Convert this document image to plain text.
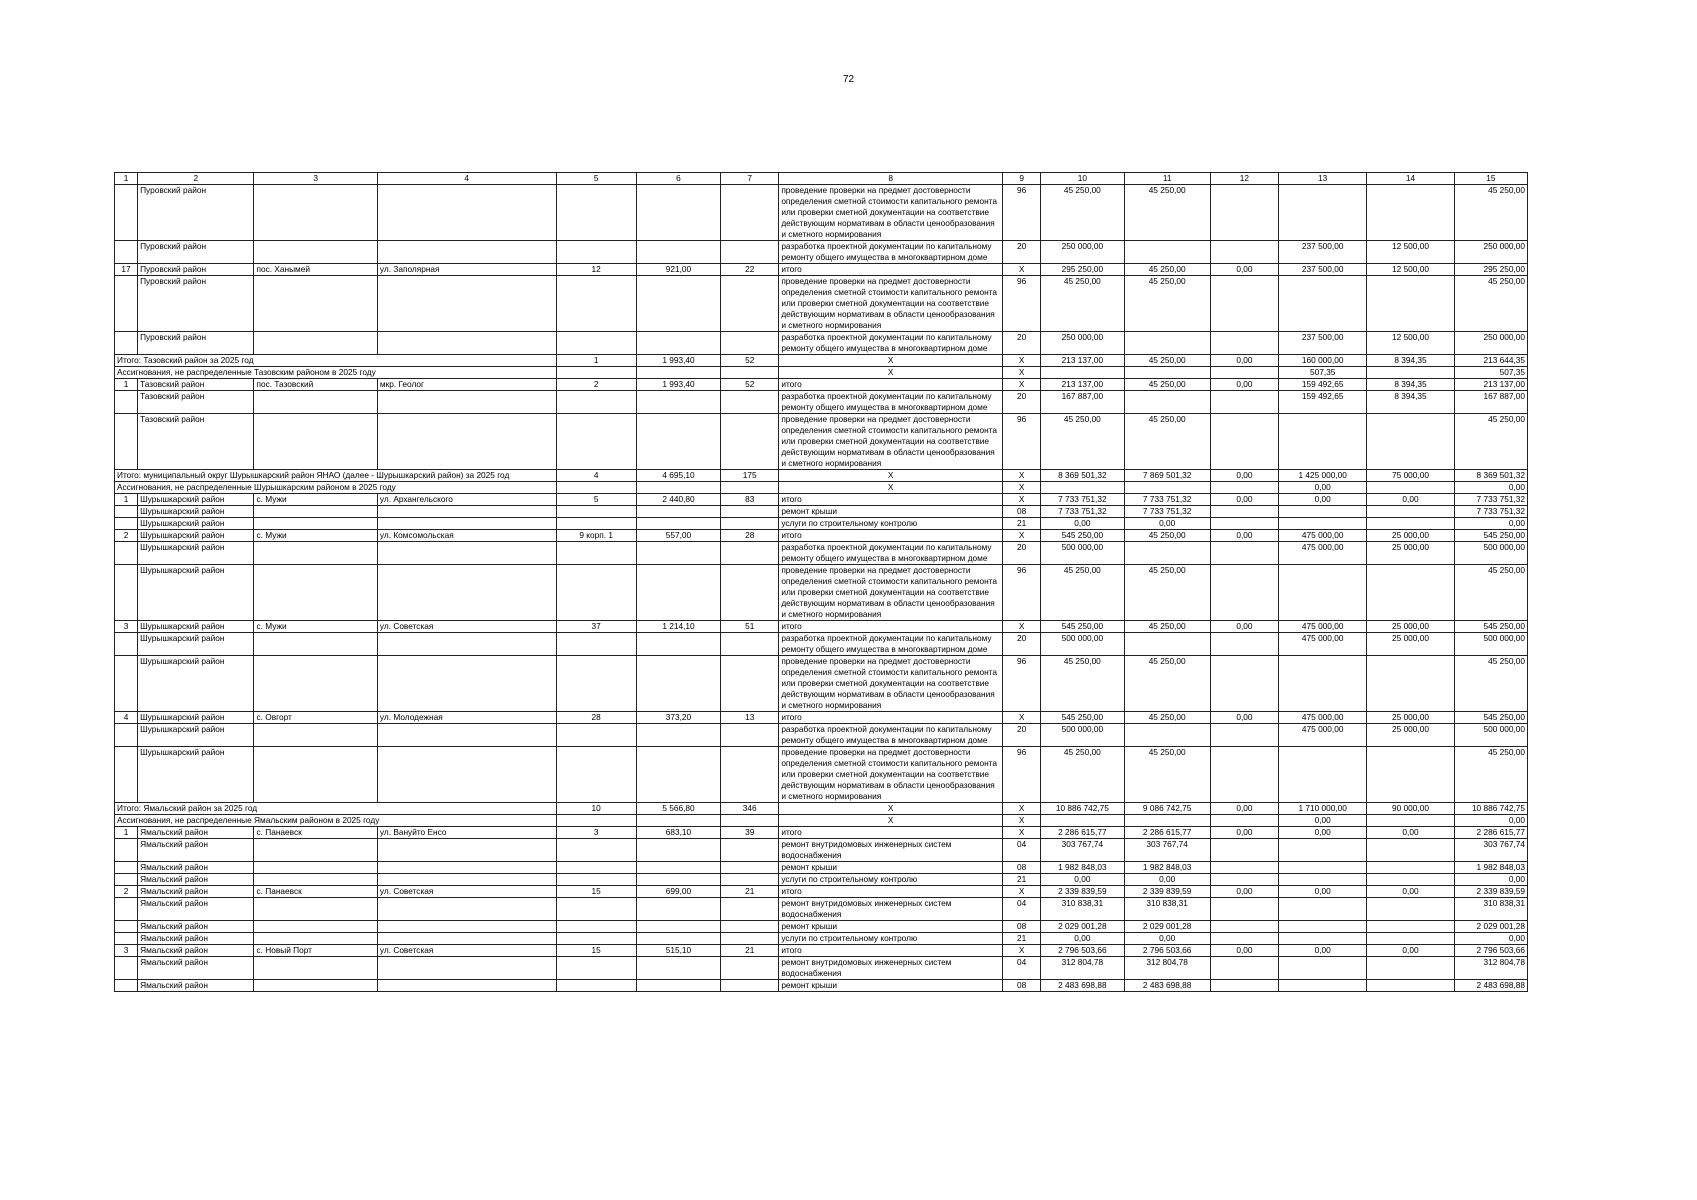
72
1	2	3	4	5	6	7	8	9	10	11	12	13	14	15
	Пуровский район						проведение проверки на предмет достоверности определения сметной стоимости капитального ремонта или проверки сметной документации на соответствие действующим нормативам в области ценообразования и сметного нормирования	96	45 250,00	45 250,00				45 250,00
	Пуровский район						разработка проектной документации по капитальному ремонту общего имущества в многоквартирном доме	20	250 000,00			237 500,00	12 500,00	250 000,00
17	Пуровский район	пос. Ханымей	ул. Заполярная	12	921,00	22	итого	X	295 250,00	45 250,00	0,00	237 500,00	12 500,00	295 250,00
	Пуровский район						проведение проверки на предмет достоверности определения сметной стоимости капитального ремонта или проверки сметной документации на соответствие действующим нормативам в области ценообразования и сметного нормирования	96	45 250,00	45 250,00				45 250,00
	Пуровский район						разработка проектной документации по капитальному ремонту общего имущества в многоквартирном доме	20	250 000,00			237 500,00	12 500,00	250 000,00
Итого: Тазовский район за 2025 год				1	1 993,40	52	X	X	213 137,00	45 250,00	0,00	160 000,00	8 394,35	213 644,35
Ассигнования, не распределенные Тазовским районом в 2025 году							X	X				507,35		507,35
1	Тазовский район	пос. Тазовский	мкр. Геолог	2	1 993,40	52	итого	X	213 137,00	45 250,00	0,00	159 492,65	8 394,35	213 137,00
	Тазовский район						разработка проектной документации по капитальному ремонту общего имущества в многоквартирном доме	20	167 887,00			159 492,65	8 394,35	167 887,00
	Тазовский район						проведение проверки на предмет достоверности определения сметной стоимости капитального ремонта или проверки сметной документации на соответствие действующим нормативам в области ценообразования и сметного нормирования	96	45 250,00	45 250,00				45 250,00
Итого: муниципальный округ Шурышкарский район ЯНАО (далее - Шурышкарский район) за 2025 год				4	4 695,10	175	X	X	8 369 501,32	7 869 501,32	0,00	1 425 000,00	75 000,00	8 369 501,32
Ассигнования, не распределенные Шурышкарским районом в 2025 году							X	X				0,00		0,00
1	Шурышкарский район	с. Мужи	ул. Архангельского	5	2 440,80	83	итого	X	7 733 751,32	7 733 751,32	0,00	0,00	0,00	7 733 751,32
	Шурышкарский район						ремонт крыши	08	7 733 751,32	7 733 751,32				7 733 751,32
	Шурышкарский район						услуги по строительному контролю	21	0,00	0,00				0,00
2	Шурышкарский район	с. Мужи	ул. Комсомольская	9 корп. 1	557,00	28	итого	X	545 250,00	45 250,00	0,00	475 000,00	25 000,00	545 250,00
	Шурышкарский район						разработка проектной документации по капитальному ремонту общего имущества в многоквартирном доме	20	500 000,00			475 000,00	25 000,00	500 000,00
	Шурышкарский район						проведение проверки на предмет достоверности определения сметной стоимости капитального ремонта или проверки сметной документации на соответствие действующим нормативам в области ценообразования и сметного нормирования	96	45 250,00	45 250,00				45 250,00
3	Шурышкарский район	с. Мужи	ул. Советская	37	1 214,10	51	итого	X	545 250,00	45 250,00	0,00	475 000,00	25 000,00	545 250,00
	Шурышкарский район						разработка проектной документации по капитальному ремонту общего имущества в многоквартирном доме	20	500 000,00			475 000,00	25 000,00	500 000,00
	Шурышкарский район						проведение проверки на предмет достоверности определения сметной стоимости капитального ремонта или проверки сметной документации на соответствие действующим нормативам в области ценообразования и сметного нормирования	96	45 250,00	45 250,00				45 250,00
4	Шурышкарский район	с. Овгорт	ул. Молодежная	28	373,20	13	итого	X	545 250,00	45 250,00	0,00	475 000,00	25 000,00	545 250,00
	Шурышкарский район						разработка проектной документации по капитальному ремонту общего имущества в многоквартирном доме	20	500 000,00			475 000,00	25 000,00	500 000,00
	Шурышкарский район						проведение проверки на предмет достоверности определения сметной стоимости капитального ремонта или проверки сметной документации на соответствие действующим нормативам в области ценообразования и сметного нормирования	96	45 250,00	45 250,00				45 250,00
Итого: Ямальский район за 2025 год				10	5 566,80	346	X	X	10 886 742,75	9 086 742,75	0,00	1 710 000,00	90 000,00	10 886 742,75
Ассигнования, не распределенные Ямальским районом в 2025 году							X	X				0,00		0,00
1	Ямальский район	с. Панаевск	ул. Вануйто Енсо	3	683,10	39	итого	X	2 286 615,77	2 286 615,77	0,00	0,00	0,00	2 286 615,77
	Ямальский район						ремонт внутридомовых инженерных систем водоснабжения	04	303 767,74	303 767,74				303 767,74
	Ямальский район						ремонт крыши	08	1 982 848,03	1 982 848,03				1 982 848,03
	Ямальский район						услуги по строительному контролю	21	0,00	0,00				0,00
2	Ямальский район	с. Панаевск	ул. Советская	15	699,00	21	итого	X	2 339 839,59	2 339 839,59	0,00	0,00	0,00	2 339 839,59
	Ямальский район						ремонт внутридомовых инженерных систем водоснабжения	04	310 838,31	310 838,31				310 838,31
	Ямальский район						ремонт крыши	08	2 029 001,28	2 029 001,28				2 029 001,28
	Ямальский район						услуги по строительному контролю	21	0,00	0,00				0,00
3	Ямальский район	с. Новый Порт	ул. Советская	15	515,10	21	итого	X	2 796 503,66	2 796 503,66	0,00	0,00	0,00	2 796 503,66
	Ямальский район						ремонт внутридомовых инженерных систем водоснабжения	04	312 804,78	312 804,78				312 804,78
	Ямальский район						ремонт крыши	08	2 483 698,88	2 483 698,88				2 483 698,88
